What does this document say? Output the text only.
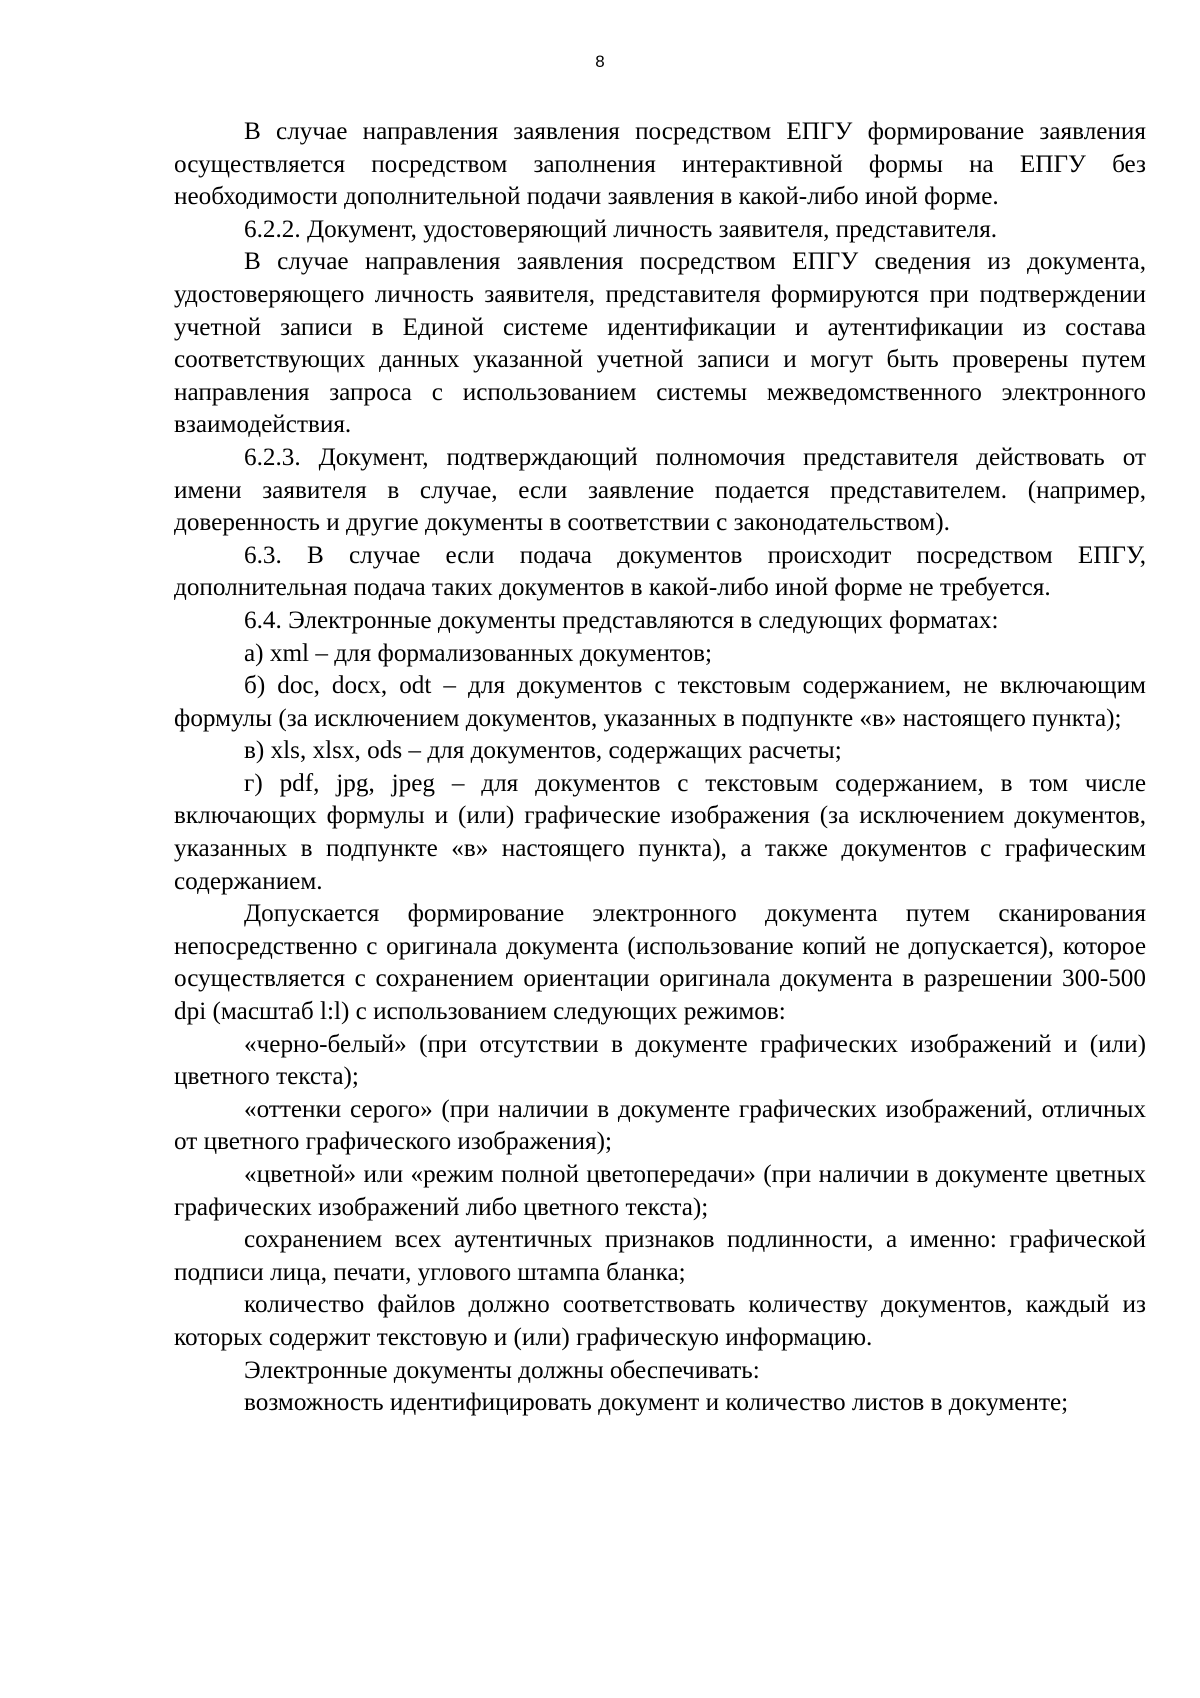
8

В случае направления заявления посредством ЕПГУ формирование заявления осуществляется посредством заполнения интерактивной формы на ЕПГУ без необходимости дополнительной подачи заявления в какой-либо иной форме.

6.2.2. Документ, удостоверяющий личность заявителя, представителя.

В случае направления заявления посредством ЕПГУ сведения из документа, удостоверяющего личность заявителя, представителя формируются при подтверждении учетной записи в Единой системе идентификации и аутентификации из состава соответствующих данных указанной учетной записи и могут быть проверены путем направления запроса с использованием системы межведомственного электронного взаимодействия.

6.2.3. Документ, подтверждающий полномочия представителя действовать от имени заявителя в случае, если заявление подается представителем. (например, доверенность и другие документы в соответствии с законодательством).

6.3. В случае если подача документов происходит посредством ЕПГУ, дополнительная подача таких документов в какой-либо иной форме не требуется.

6.4. Электронные документы представляются в следующих форматах:

а) xml – для формализованных документов;

б) doc, docx, odt – для документов с текстовым содержанием, не включающим формулы (за исключением документов, указанных в подпункте «в» настоящего пункта);

в) xls, xlsx, ods – для документов, содержащих расчеты;

г) pdf, jpg, jpeg – для документов с текстовым содержанием, в том числе включающих формулы и (или) графические изображения (за исключением документов, указанных в подпункте «в» настоящего пункта), а также документов с графическим содержанием.

Допускается формирование электронного документа путем сканирования непосредственно с оригинала документа (использование копий не допускается), которое осуществляется с сохранением ориентации оригинала документа в разрешении 300-500 dpi (масштаб l:l) с использованием следующих режимов:

«черно-белый» (при отсутствии в документе графических изображений и (или) цветного текста);

«оттенки серого» (при наличии в документе графических изображений, отличных от цветного графического изображения);

«цветной» или «режим полной цветопередачи» (при наличии в документе цветных графических изображений либо цветного текста);

сохранением всех аутентичных признаков подлинности, а именно: графической подписи лица, печати, углового штампа бланка;

количество файлов должно соответствовать количеству документов, каждый из которых содержит текстовую и (или) графическую информацию.

Электронные документы должны обеспечивать:

возможность идентифицировать документ и количество листов в документе;
